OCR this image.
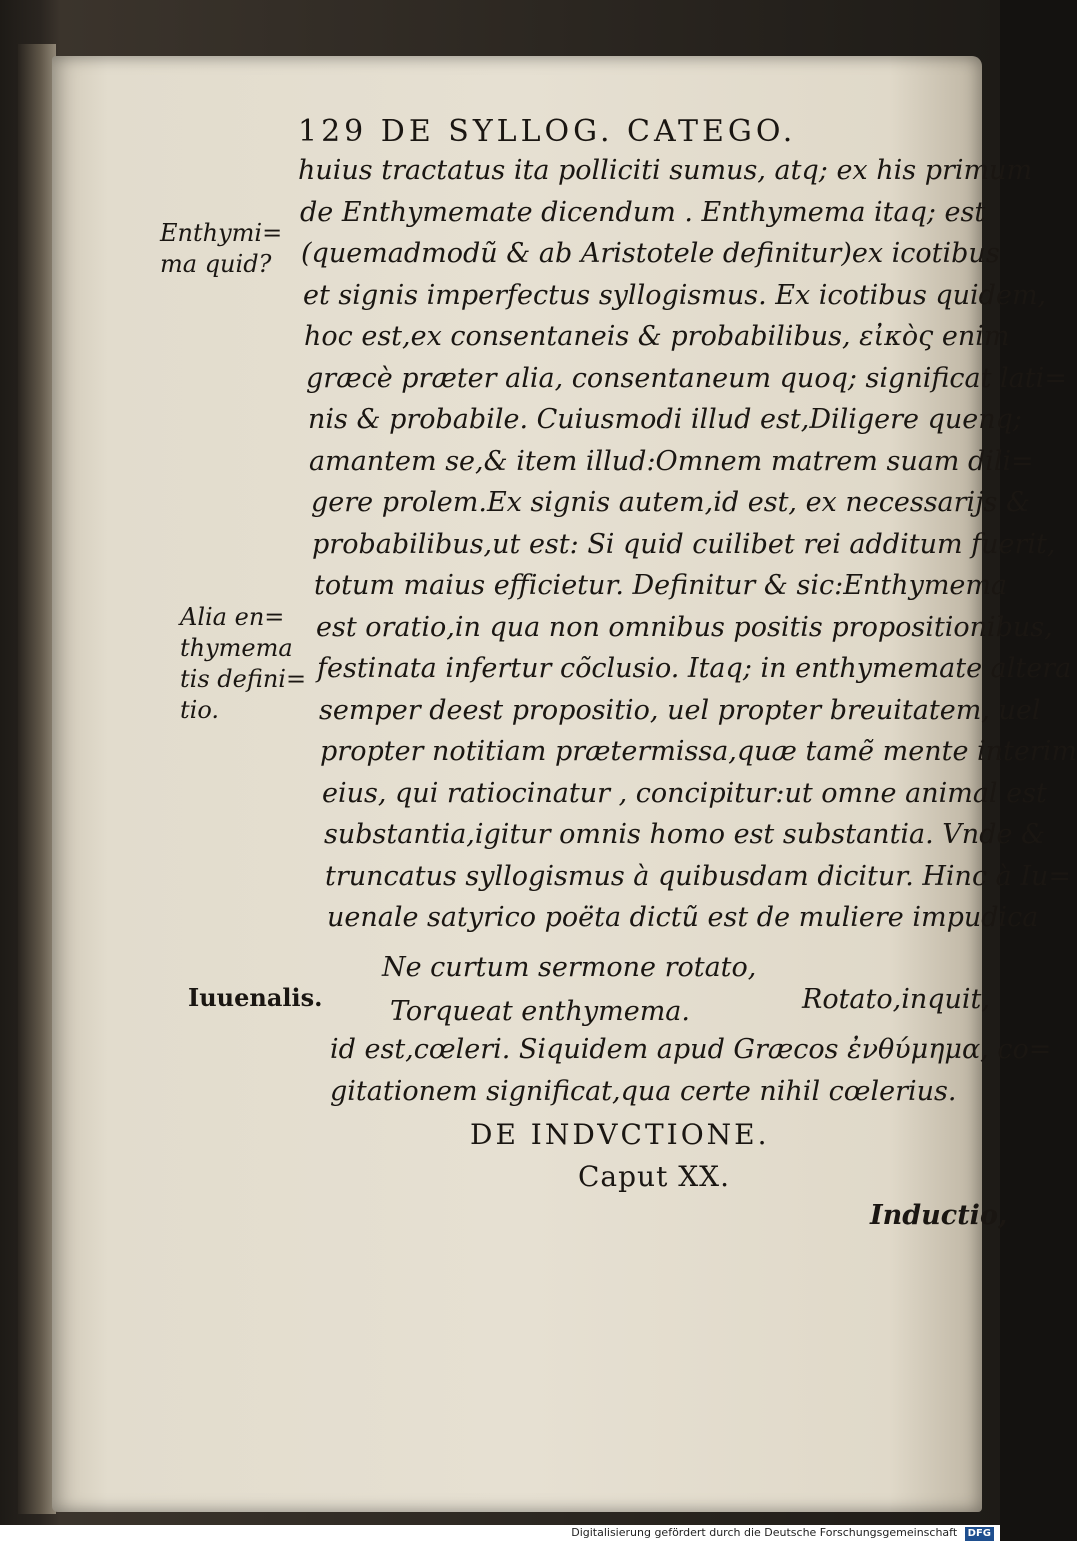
129 DE SYLLOG. CATEGO.
huius tractatus ita polliciti sumus, atq; ex his primum
de Enthymemate dicendum . Enthymema itaq; est
(quemadmodũ & ab Aristotele definitur)ex icotibus
et signis imperfectus syllogismus. Ex icotibus quidem,
hoc est,ex consentaneis & probabilibus, εἰκὸς enim
græcè præter alia, consentaneum quoq; significat lati=
nis & probabile. Cuiusmodi illud est,Diligere quenq;
amantem se,& item illud:Omnem matrem suam dili=
gere prolem.Ex signis autem,id est, ex necessarijs &
probabilibus,ut est: Si quid cuilibet rei additum fuerit,
totum maius efficietur. Definitur & sic:Enthymema
est oratio,in qua non omnibus positis propositionibus,
festinata infertur cõclusio. Itaq; in enthymemate altera
semper deest propositio, uel propter breuitatem, uel
propter notitiam prætermissa,quæ tamẽ mente interim
eius, qui ratiocinatur , concipitur:ut omne animal est
substantia,igitur omnis homo est substantia. Vnde &
truncatus syllogismus à quibusdam dicitur. Hinc à Iu=
uenale satyrico poëta dictũ est de muliere impudica
Enthymi=
ma quid?
Alia en=
thymema
tis defini=
tio.
Iuuenalis.
Ne curtum sermone rotato,
Torqueat enthymema.	Rotato,inquit,
id est,cœleri. Siquidem apud Græcos ἐνθύμημα, co=
gitationem significat,qua certe nihil cœlerius.
DE INDVCTIONE.
Caput XX.
Inductio,
Digitalisierung gefördert durch die Deutsche Forschungsgemeinschaft DFG
